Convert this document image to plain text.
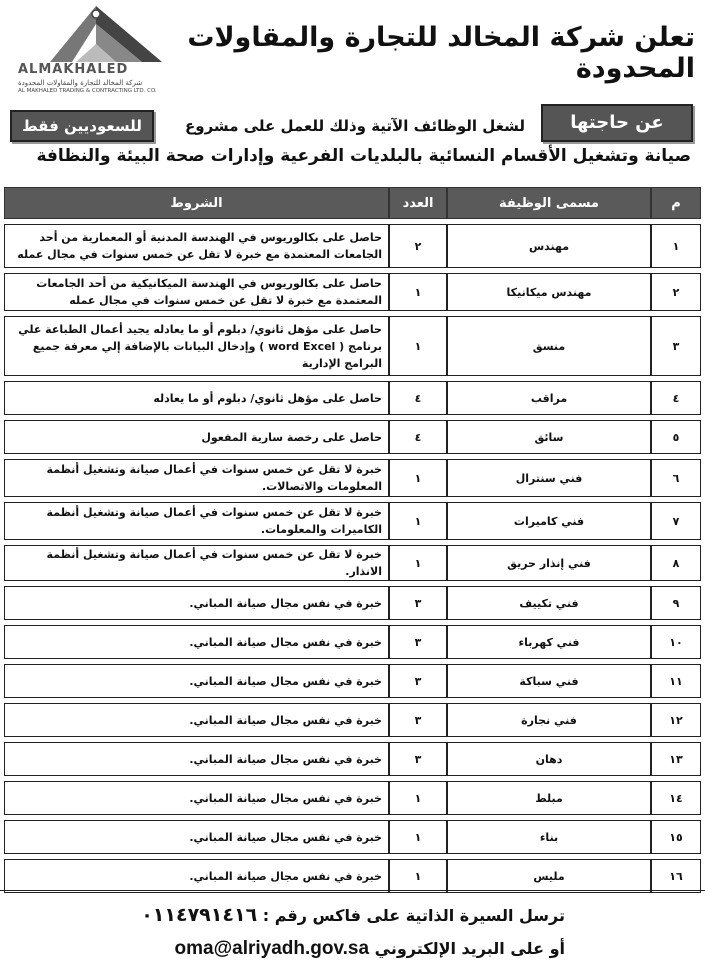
ALMAKHALED
شركة المخالد للتجارة والمقاولات المحدودة
AL MAKHALED TRADING & CONTRACTING LTD. CO.
تعلن شركة المخالد للتجارة والمقاولات المحدودة
عن حاجتها
لشغل الوظائف الآتية وذلك للعمل على مشروع
للسعوديين فقط
صيانة وتشغيل الأقسام النسائية بالبلديات الفرعية وإدارات صحة البيئة والنظافة
م	مسمى الوظيفة	العدد	الشروط
١	مهندس	٢	حاصل على بكالوريوس في الهندسة المدنية أو المعمارية من أحد الجامعات المعتمدة مع خبرة لا تقل عن خمس سنوات في مجال عمله
٢	مهندس ميكانيكا	١	حاصل على بكالوريوس في الهندسة الميكانيكية من أحد الجامعات المعتمدة مع خبرة لا تقل عن خمس سنوات في مجال عمله
٣	منسق	١	حاصل على مؤهل ثانوي/ دبلوم أو ما يعادله يجيد أعمال الطباعة علي برنامج ( word Excel ) وإدخال البيانات بالإضافة إلي معرفة جميع البرامج الإدارية
٤	مراقب	٤	حاصل على مؤهل ثانوي/ دبلوم أو ما يعادله
٥	سائق	٤	حاصل على رخصة سارية المفعول
٦	فني سنترال	١	خبرة لا تقل عن خمس سنوات في أعمال صيانة وتشغيل أنظمة المعلومات والاتصالات.
٧	فني كاميرات	١	خبرة لا تقل عن خمس سنوات في أعمال صيانة وتشغيل أنظمة الكاميرات والمعلومات.
٨	فني إنذار حريق	١	خبرة لا تقل عن خمس سنوات في أعمال صيانة وتشغيل أنظمة الانذار.
٩	فني تكييف	٣	خبرة في نفس مجال صيانة المباني.
١٠	فني كهرباء	٣	خبرة في نفس مجال صيانة المباني.
١١	فني سباكة	٣	خبرة في نفس مجال صيانة المباني.
١٢	فني نجارة	٣	خبرة في نفس مجال صيانة المباني.
١٣	دهان	٣	خبرة في نفس مجال صيانة المباني.
١٤	مبلط	١	خبرة في نفس مجال صيانة المباني.
١٥	بناء	١	خبرة في نفس مجال صيانة المباني.
١٦	مليس	١	خبرة في نفس مجال صيانة المباني.
ترسل السيرة الذاتية على فاكس رقم : ٠١١٤٧٩١٤١٦
أو على البريد الإلكتروني oma@alriyadh.gov.sa
